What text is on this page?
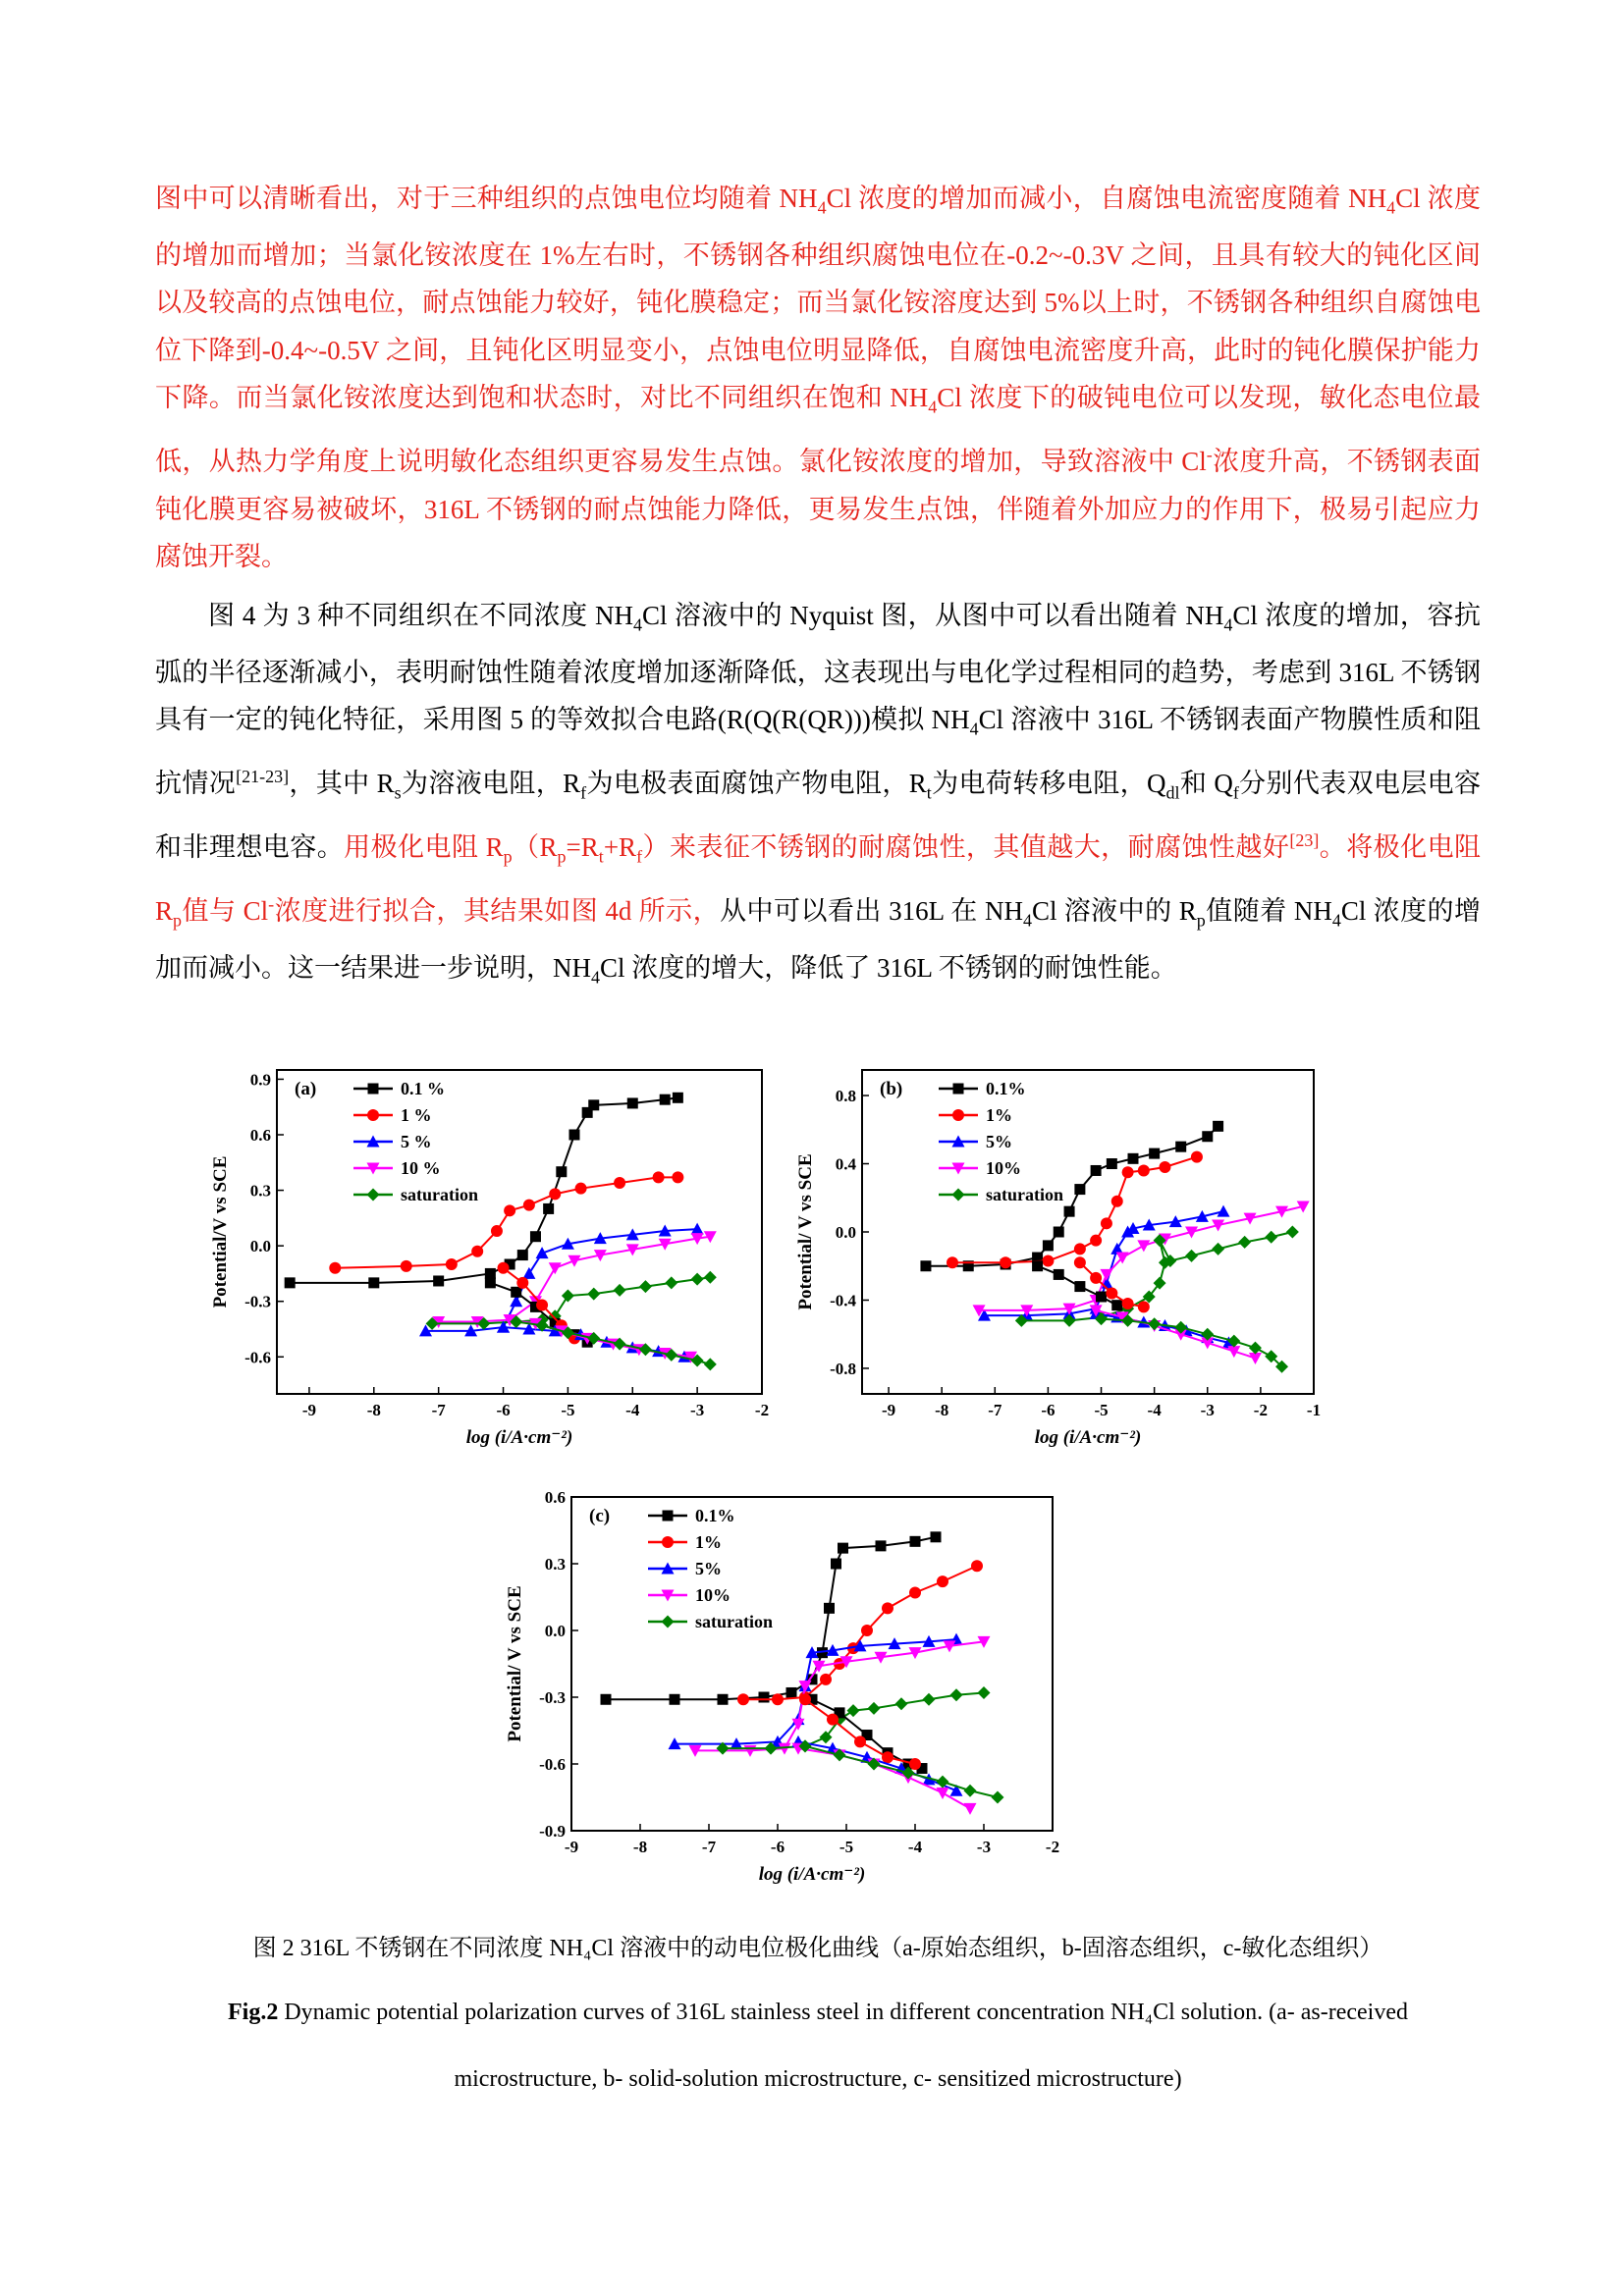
图中可以清晰看出，对于三种组织的点蚀电位均随着 $NH_4Cl$ 浓度的增加而减小，自腐蚀电流密度随着 $NH_4Cl$ 浓度的增加而增加；当氯化铵浓度在 1%左右时，不锈钢各种组织腐蚀电位在-0.2~-0.3V 之间，且具有较大的钝化区间以及较高的点蚀电位，耐点蚀能力较好，钝化膜稳定；而当氯化铵溶度达到 5%以上时，不锈钢各种组织自腐蚀电位下降到-0.4~-0.5V 之间，且钝化区明显变小，点蚀电位明显降低，自腐蚀电流密度升高，此时的钝化膜保护能力下降。而当氯化铵浓度达到饱和状态时，对比不同组织在饱和 $NH_4Cl$ 浓度下的破钝电位可以发现，敏化态电位最低，从热力学角度上说明敏化态组织更容易发生点蚀。氯化铵浓度的增加，导致溶液中 Cl-浓度升高，不锈钢表面钝化膜更容易被破坏，316L 不锈钢的耐点蚀能力降低，更易发生点蚀，伴随着外加应力的作用下，极易引起应力腐蚀开裂。

图 4 为 3 种不同组织在不同浓度 $NH_4Cl$ 溶液中的 Nyquist 图，从图中可以看出随着 $NH_4Cl$ 浓度的增加，容抗弧的半径逐渐减小，表明耐蚀性随着浓度增加逐渐降低，这表现出与电化学过程相同的趋势，考虑到 316L 不锈钢具有一定的钝化特征，采用图 5 的等效拟合电路(R(Q(R(QR)))模拟 $NH_4Cl$ 溶液中 316L 不锈钢表面产物膜性质和阻抗情况[21-23]，其中 $R_s$为溶液电阻，$R_f$为电极表面腐蚀产物电阻，$R_t$为电荷转移电阻，$Q_{dl}$和 $Q_f$分别代表双电层电容和非理想电容。用极化电阻 $R_p(R_p=R_t+R_f)$来表征不锈钢的耐腐蚀性，其值越大，耐腐蚀性越好[23]。将极化电阻 $R_p$值与 Cl-浓度进行拟合，其结果如图 4d 所示，从中可以看出 316L 在 $NH_4Cl$ 溶液中的 $R_p$值随着 $NH_4Cl$ 浓度的增加而减小。这一结果进一步说明，$NH_4Cl$ 浓度的增大，降低了 316L 不锈钢的耐蚀性能。

-9	-8	-7	-6	-5	-4	-3	-2
-0.6
-0.3
0.0
0.3
0.6
0.9
log (i/A·cm⁻²)
Potential/V vs SCE
(a)	0.1 %
1 %
5 %
10 %
saturation
-9 -8 -7 -6 -5 -4 -3 -2 -1
-0.8
-0.4
0.0
0.4
0.8
log (i/A·cm⁻²)
Potential/ V vs SCE
(b)	0.1%
1%
5%
10%
saturation
-9	-8	-7	-6	-5	-4	-3	-2
-0.9
-0.6
-0.3
0.0
0.3
0.6
log (i/A·cm⁻²)
Potential/ V vs SCE
(c)	0.1%
1%
5%
10%
saturation

图 2 316L 不锈钢在不同浓度 NH₄Cl 溶液中的动电位极化曲线（a-原始态组织，b-固溶态组织，c-敏化态组织）

Fig.2 Dynamic potential polarization curves of 316L stainless steel in different concentration NH₄Cl solution. (a- as-received
microstructure, b- solid-solution microstructure, c- sensitized microstructure)
